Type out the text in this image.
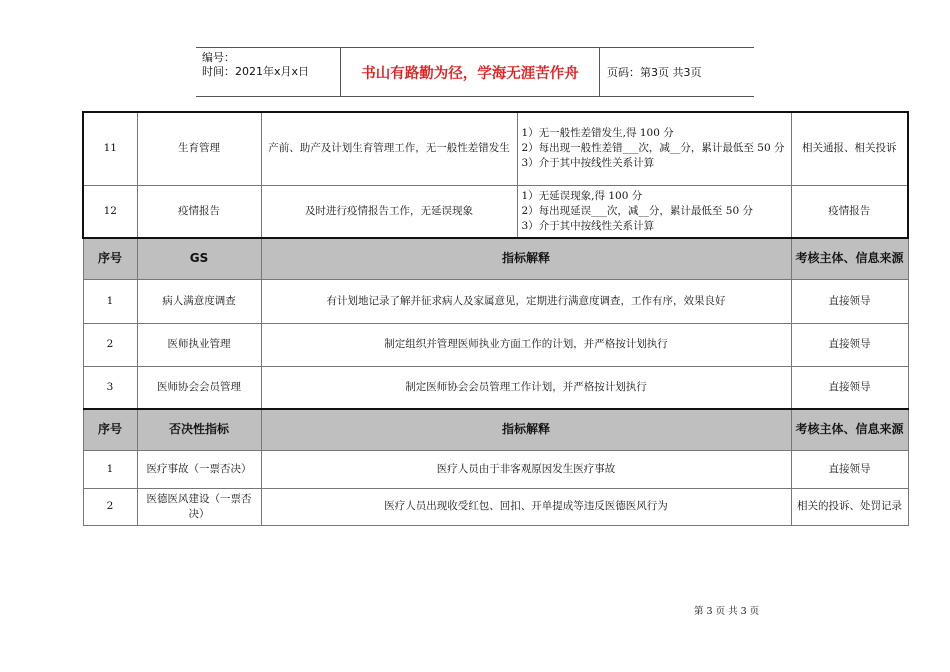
编号：
时间：2021年x月x日	书山有路勤为径，学海无涯苦作舟	页码：第3页 共3页
11	生育管理	产前、助产及计划生育管理工作，无一般性差错发生	1）无一般性差错发生,得 100 分
2）每出现一般性差错___次，减__分，累计最低至 50 分
3）介于其中按线性关系计算	相关通报、相关投诉
12	疫情报告	及时进行疫情报告工作，无延误现象	1）无延误现象,得 100 分
2）每出现延误___次，减__分，累计最低至 50 分
3）介于其中按线性关系计算	疫情报告
序号	GS	指标解释		考核主体、信息来源
1	病人满意度调查	有计划地记录了解并征求病人及家属意见，定期进行满意度调查，工作有序，效果良好		直接领导
2	医师执业管理	制定组织并管理医师执业方面工作的计划，并严格按计划执行		直接领导
3	医师协会会员管理	制定医师协会会员管理工作计划，并严格按计划执行		直接领导
序号	否决性指标	指标解释		考核主体、信息来源
1	医疗事故（一票否决）	医疗人员由于非客观原因发生医疗事故		直接领导
2	医德医风建设（一票否决）	医疗人员出现收受红包、回扣、开单提成等违反医德医风行为		相关的投诉、处罚记录
第 3 页 共 3 页
